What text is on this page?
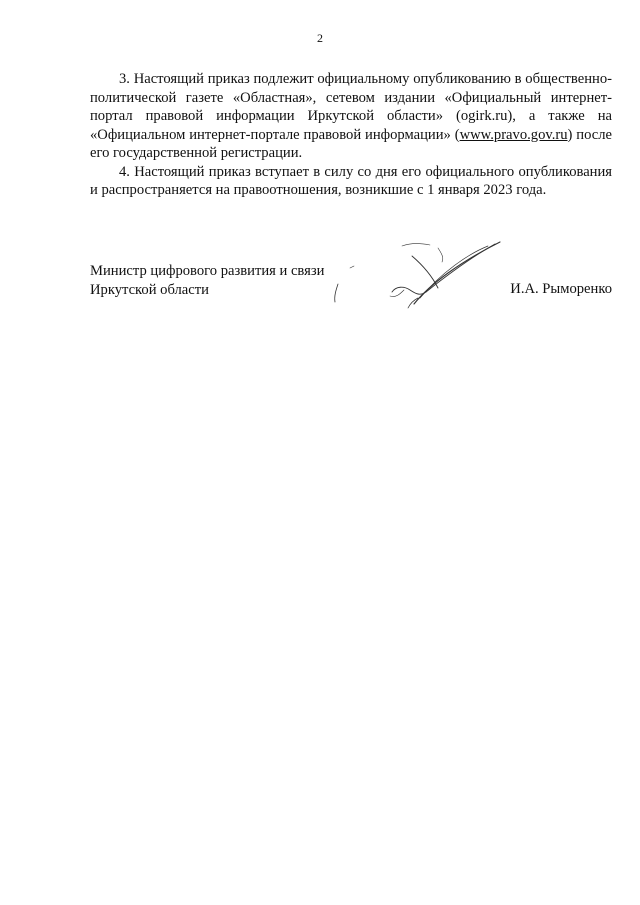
2

3. Настоящий приказ подлежит официальному опубликованию в общественно-политической газете «Областная», сетевом издании «Официальный интернет-портал правовой информации Иркутской области» (ogirk.ru), а также на «Официальном интернет-портале правовой информации» (www.pravo.gov.ru) после его государственной регистрации.

4. Настоящий приказ вступает в силу со дня его официального опубликования и распространяется на правоотношения, возникшие с 1 января 2023 года.

Министр цифрового развития и связи
Иркутской области	И.А. Рыморенко
